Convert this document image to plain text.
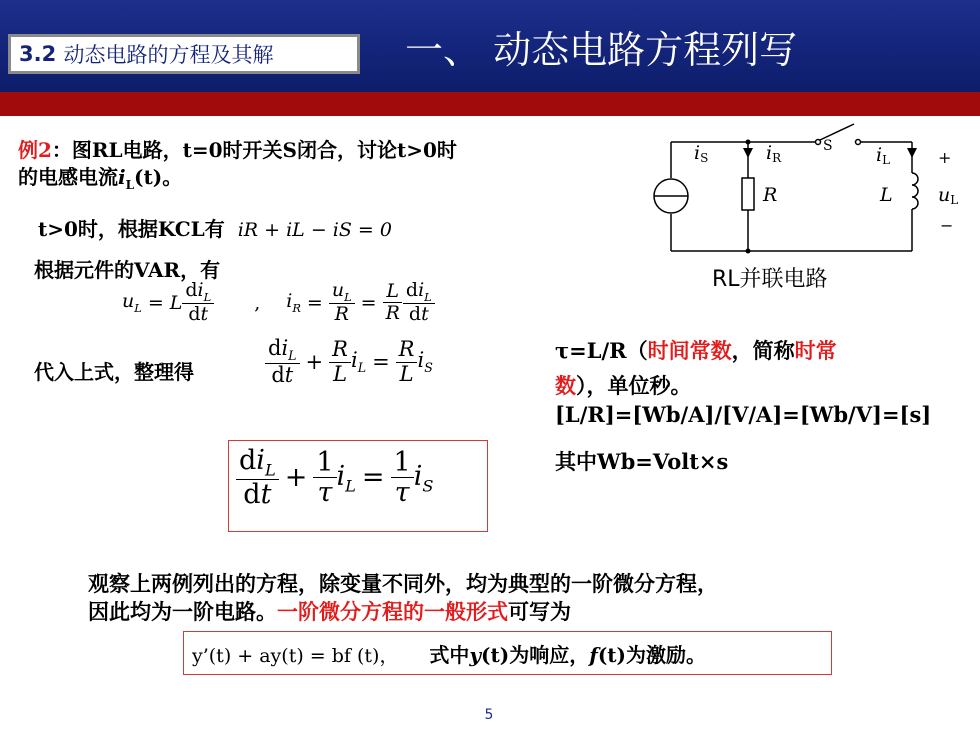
3.2
动态电路的方程及其解	一、 动态电路方程列写
例2：图RL电路，t=0时开关S闭合，讨论t>0时
的电感电流$i_L(t)$。
t>0时，根据KCL有 iR + iL − iS = 0
根据元件的VAR，有
$u_L = L \frac{di_L}{dt}$ , $i_R = \frac{u_L}{R} = \frac{L}{R} \frac{di_L}{dt}$
代入上式，整理得	$\frac{di_L}{dt} + \frac{R}{L} i_L = \frac{R}{L} i_S$
$\frac{di_L}{dt} + \frac{1}{\tau} i_L = \frac{1}{\tau} i_S$
iS	iR
S iL
R	L uL
+
−
RL并联电路
τ=L/R（时间常数，简称时常
数），单位秒。
[L/R]=[Wb/A]/[V/A]=[Wb/V]=[s]
其中Wb=Volt×s
观察上两例列出的方程，除变量不同外，均为典型的一阶微分方程，
因此均为一阶电路。一阶微分方程的一般形式可写为
y’(t) + ay(t) = bf (t)， 式中y(t)为响应，f(t)为激励。
5
